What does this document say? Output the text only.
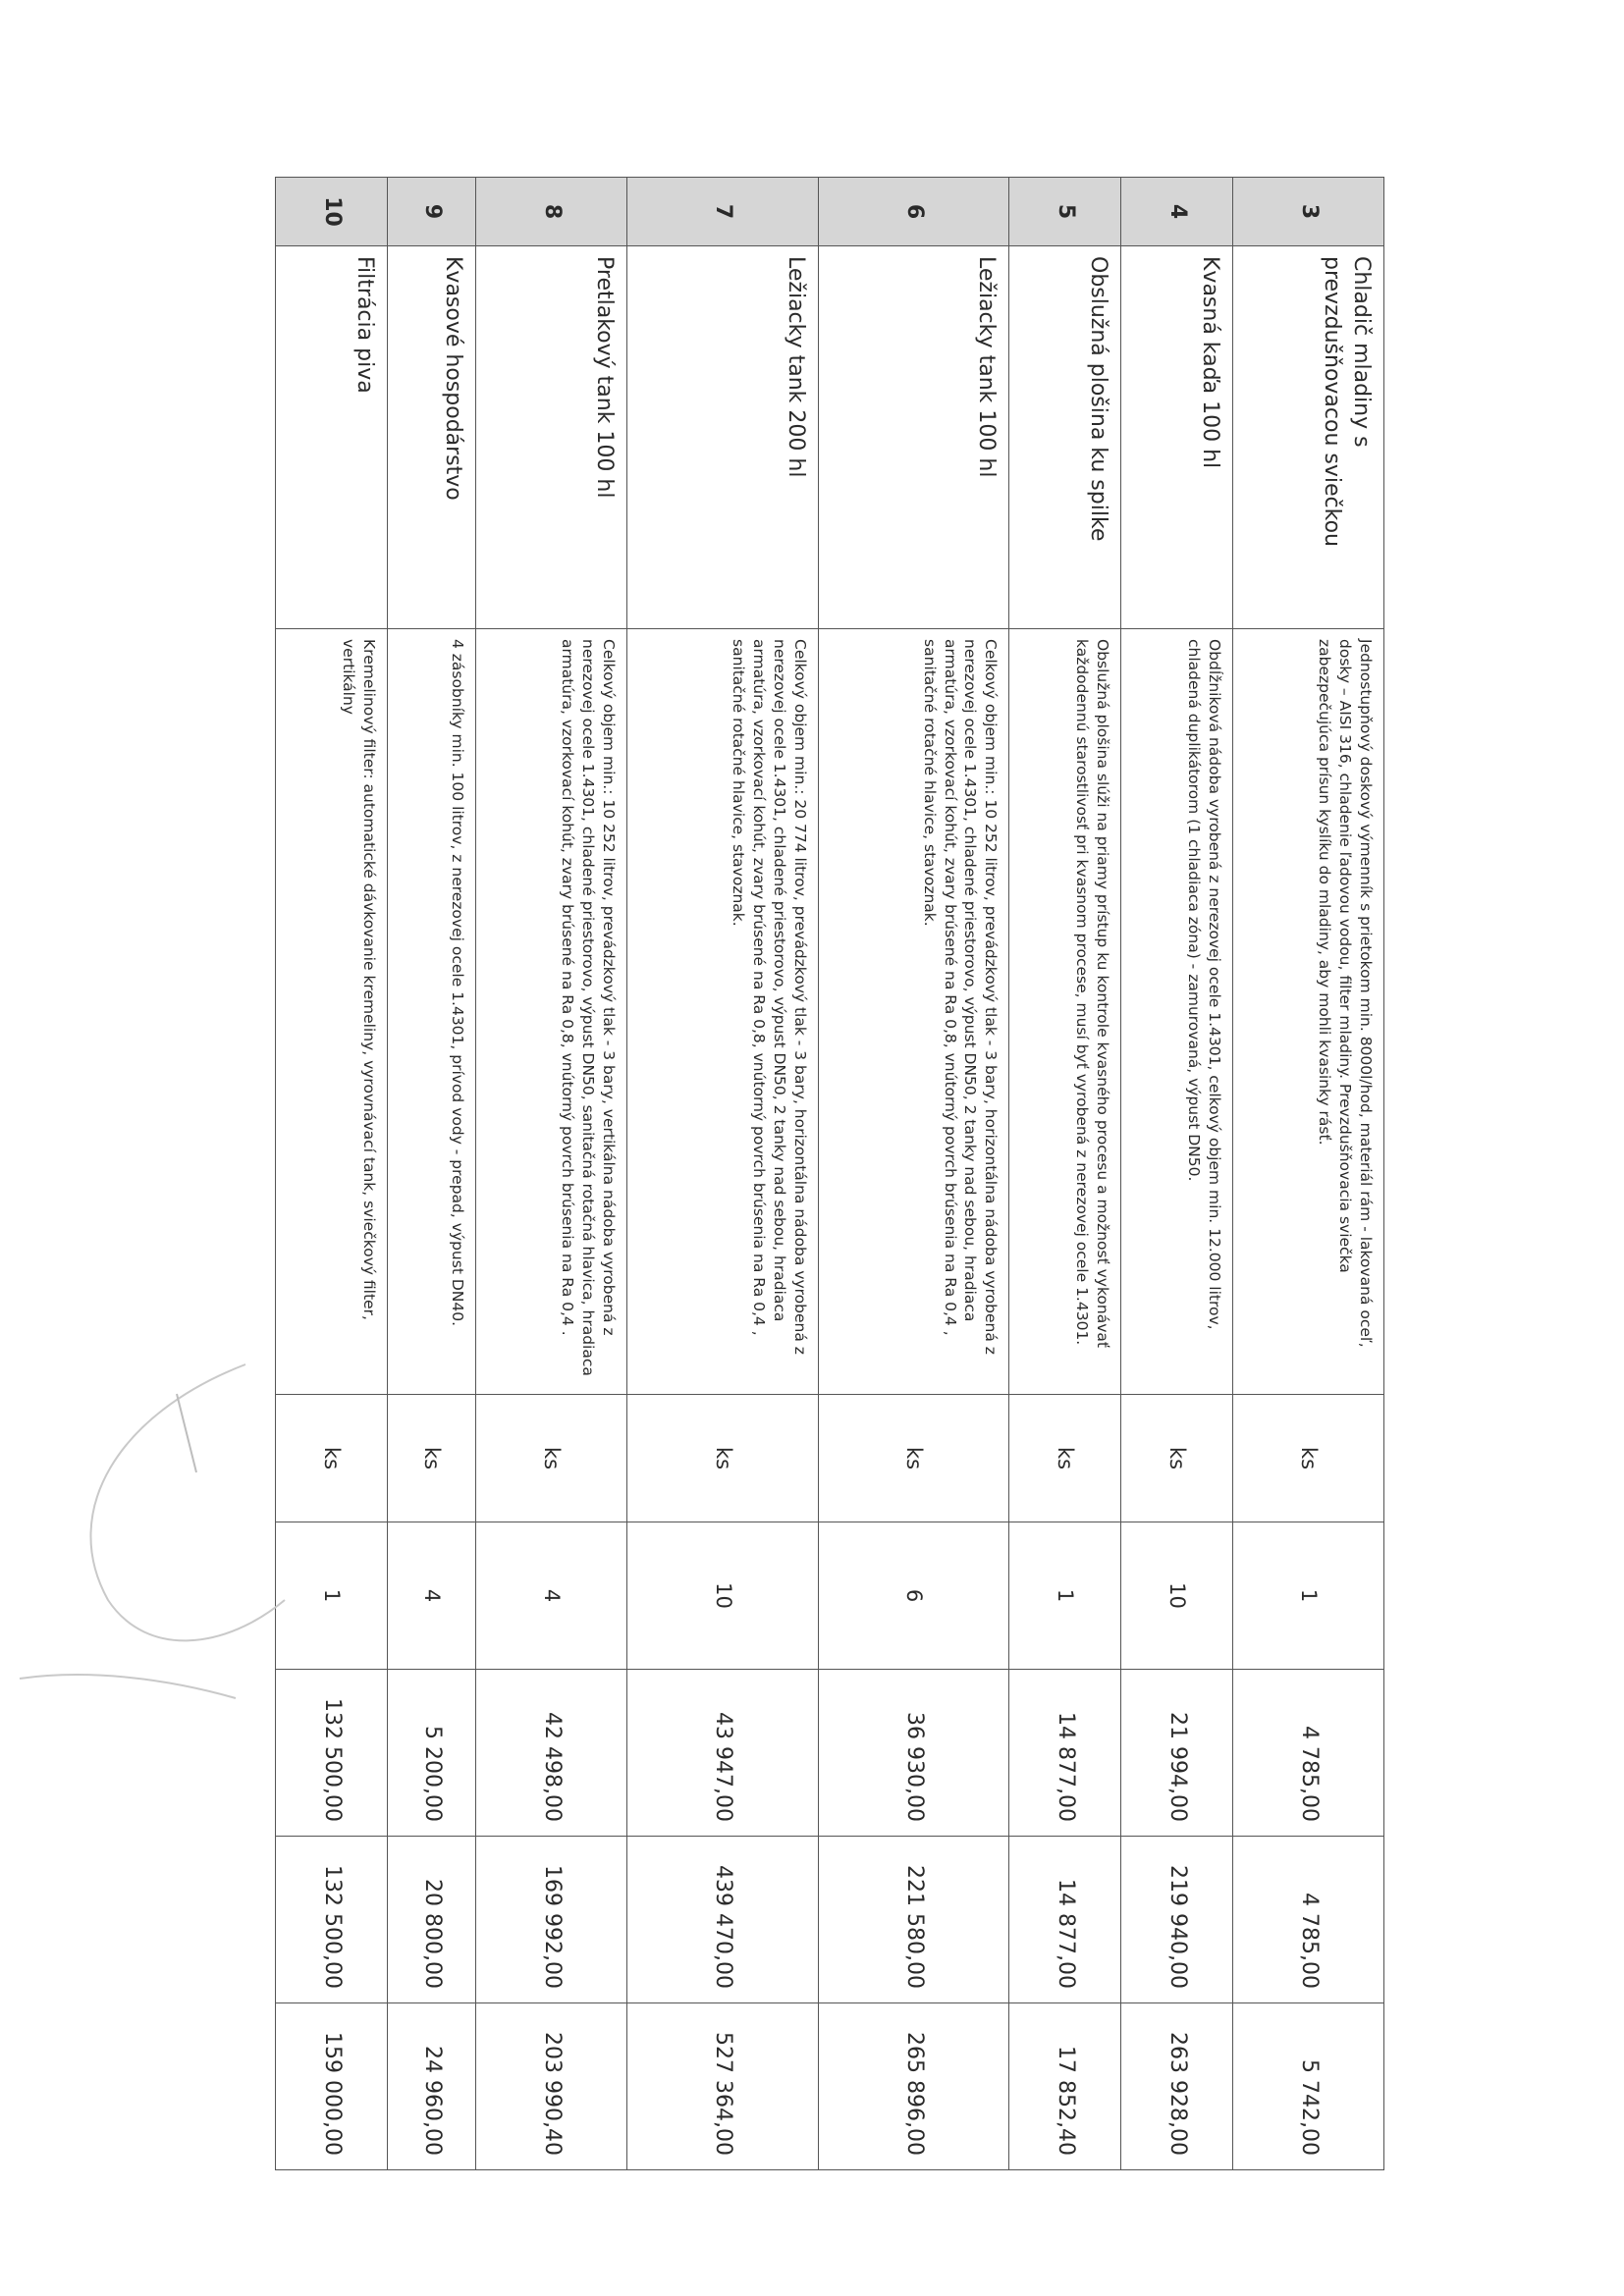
3	Chladič mladiny s prevzdušňovacou sviečkou	Jednostupňový doskový výmenník s prietokom min. 8000l/hod, materiál rám - lakovaná oceľ, dosky – AISI 316, chladenie ľadovou vodou, filter mladiny. Prevzdušňovacia sviečka zabezpečujúca prísun kyslíku do mladiny, aby mohli kvasinky rásť.	ks	1	4 785,00	4 785,00	5 742,00
4	Kvasná kaďa 100 hl	Obdĺžniková nádoba vyrobená z nerezovej ocele 1.4301, celkový objem min. 12.000 litrov, chladená duplikátorom (1 chladiaca zóna) - zamurovaná, výpust DN50.	ks	10	21 994,00	219 940,00	263 928,00
5	Obslužná plošina ku spilke	Obslužná plošina slúži na priamy prístup ku kontrole kvasného procesu a možnosť vykonávať každodennú starostlivosť pri kvasnom procese, musí byť vyrobená z nerezovej ocele 1.4301.	ks	1	14 877,00	14 877,00	17 852,40
6	Ležiacky tank 100 hl	Celkový objem min.: 10 252 litrov, prevádzkový tlak - 3 bary, horizontálna nádoba vyrobená z nerezovej ocele 1.4301, chladené priestorovo, výpust DN50, 2 tanky nad sebou, hradiaca armatúra, vzorkovací kohút, zvary brúsené na Ra 0,8, vnútorný povrch brúsenia na Ra 0,4 , sanitačné rotačné hlavice, stavoznak.	ks	6	36 930,00	221 580,00	265 896,00
7	Ležiacky tank 200 hl	Celkový objem min.: 20 774 litrov, prevádzkový tlak - 3 bary, horizontálna nádoba vyrobená z nerezovej ocele 1.4301, chladené priestorovo, výpust DN50, 2 tanky nad sebou, hradiaca armatúra, vzorkovací kohút, zvary brúsené na Ra 0,8, vnútorný povrch brúsenia na Ra 0,4 , sanitačné rotačné hlavice, stavoznak.	ks	10	43 947,00	439 470,00	527 364,00
8	Pretlakový tank 100 hl	Celkový objem min.: 10 252 litrov, prevádzkový tlak - 3 bary, vertikálna nádoba vyrobená z nerezovej ocele 1.4301, chladené priestorovo, výpust DN50, sanitačná rotačná hlavica, hradiaca armatúra, vzorkovací kohút, zvary brúsené na Ra 0,8, vnútorný povrch brúsenia na Ra 0,4 .	ks	4	42 498,00	169 992,00	203 990,40
9	Kvasové hospodárstvo	4 zásobníky min. 100 litrov, z nerezovej ocele 1.4301, prívod vody - prepad, výpust DN40.	ks	4	5 200,00	20 800,00	24 960,00
10	Filtrácia piva	Kremelinový filter: automatické dávkovanie kremeliny, vyrovnávací tank, sviečkový filter, vertikálny	ks	1	132 500,00	132 500,00	159 000,00
